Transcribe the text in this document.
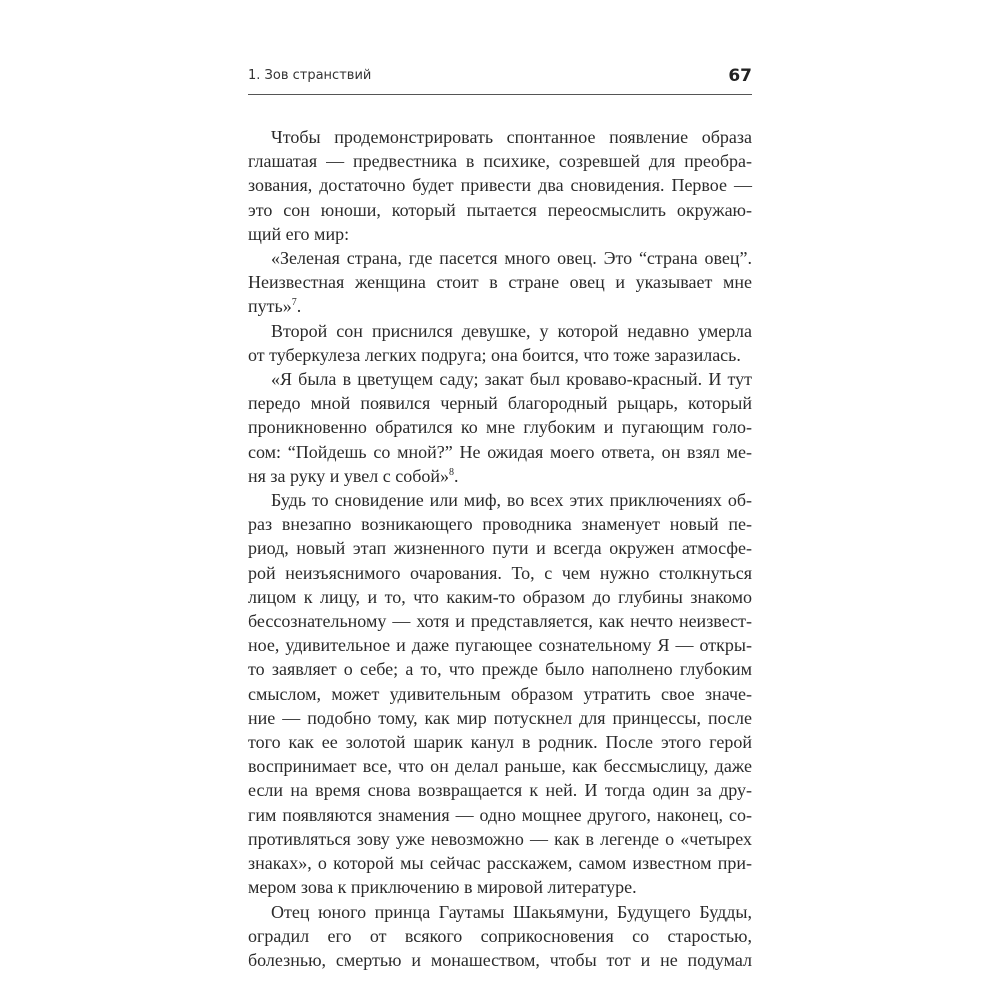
1. Зов странствий	67

Чтобы продемонстрировать спонтанное появление образа
глашатая — предвестника в психике, созревшей для преобра-
зования, достаточно будет привести два сновидения. Первое —
это сон юноши, который пытается переосмыслить окружаю-
щий его мир:

«Зеленая страна, где пасется много овец. Это “страна овец”.
Неизвестная женщина стоит в стране овец и указывает мне
путь»$^7$.

Второй сон приснился девушке, у которой недавно умерла
от туберкулеза легких подруга; она боится, что тоже заразилась.

«Я была в цветущем саду; закат был кроваво-красный. И тут
передо мной появился черный благородный рыцарь, который
проникновенно обратился ко мне глубоким и пугающим голо-
сом: “Пойдешь со мной?” Не ожидая моего ответа, он взял ме-
ня за руку и увел с собой»$^8$.

Будь то сновидение или миф, во всех этих приключениях об-
раз внезапно возникающего проводника знаменует новый пе-
риод, новый этап жизненного пути и всегда окружен атмосфе-
рой неизъяснимого очарования. То, с чем нужно столкнуться
лицом к лицу, и то, что каким-то образом до глубины знакомо
бессознательному — хотя и представляется, как нечто неизвест-
ное, удивительное и даже пугающее сознательному Я — откры-
то заявляет о себе; а то, что прежде было наполнено глубоким
смыслом, может удивительным образом утратить свое значе-
ние — подобно тому, как мир потускнел для принцессы, после
того как ее золотой шарик канул в родник. После этого герой
воспринимает все, что он делал раньше, как бессмыслицу, даже
если на время снова возвращается к ней. И тогда один за дру-
гим появляются знамения — одно мощнее другого, наконец, со-
противляться зову уже невозможно — как в легенде о «четырех
знаках», о которой мы сейчас расскажем, самом известном при-
мером зова к приключению в мировой литературе.

Отец юного принца Гаутамы Шакьямуни, Будущего Будды,
оградил его от всякого соприкосновения со старостью,
болезнью, смертью и монашеством, чтобы тот и не подумал
